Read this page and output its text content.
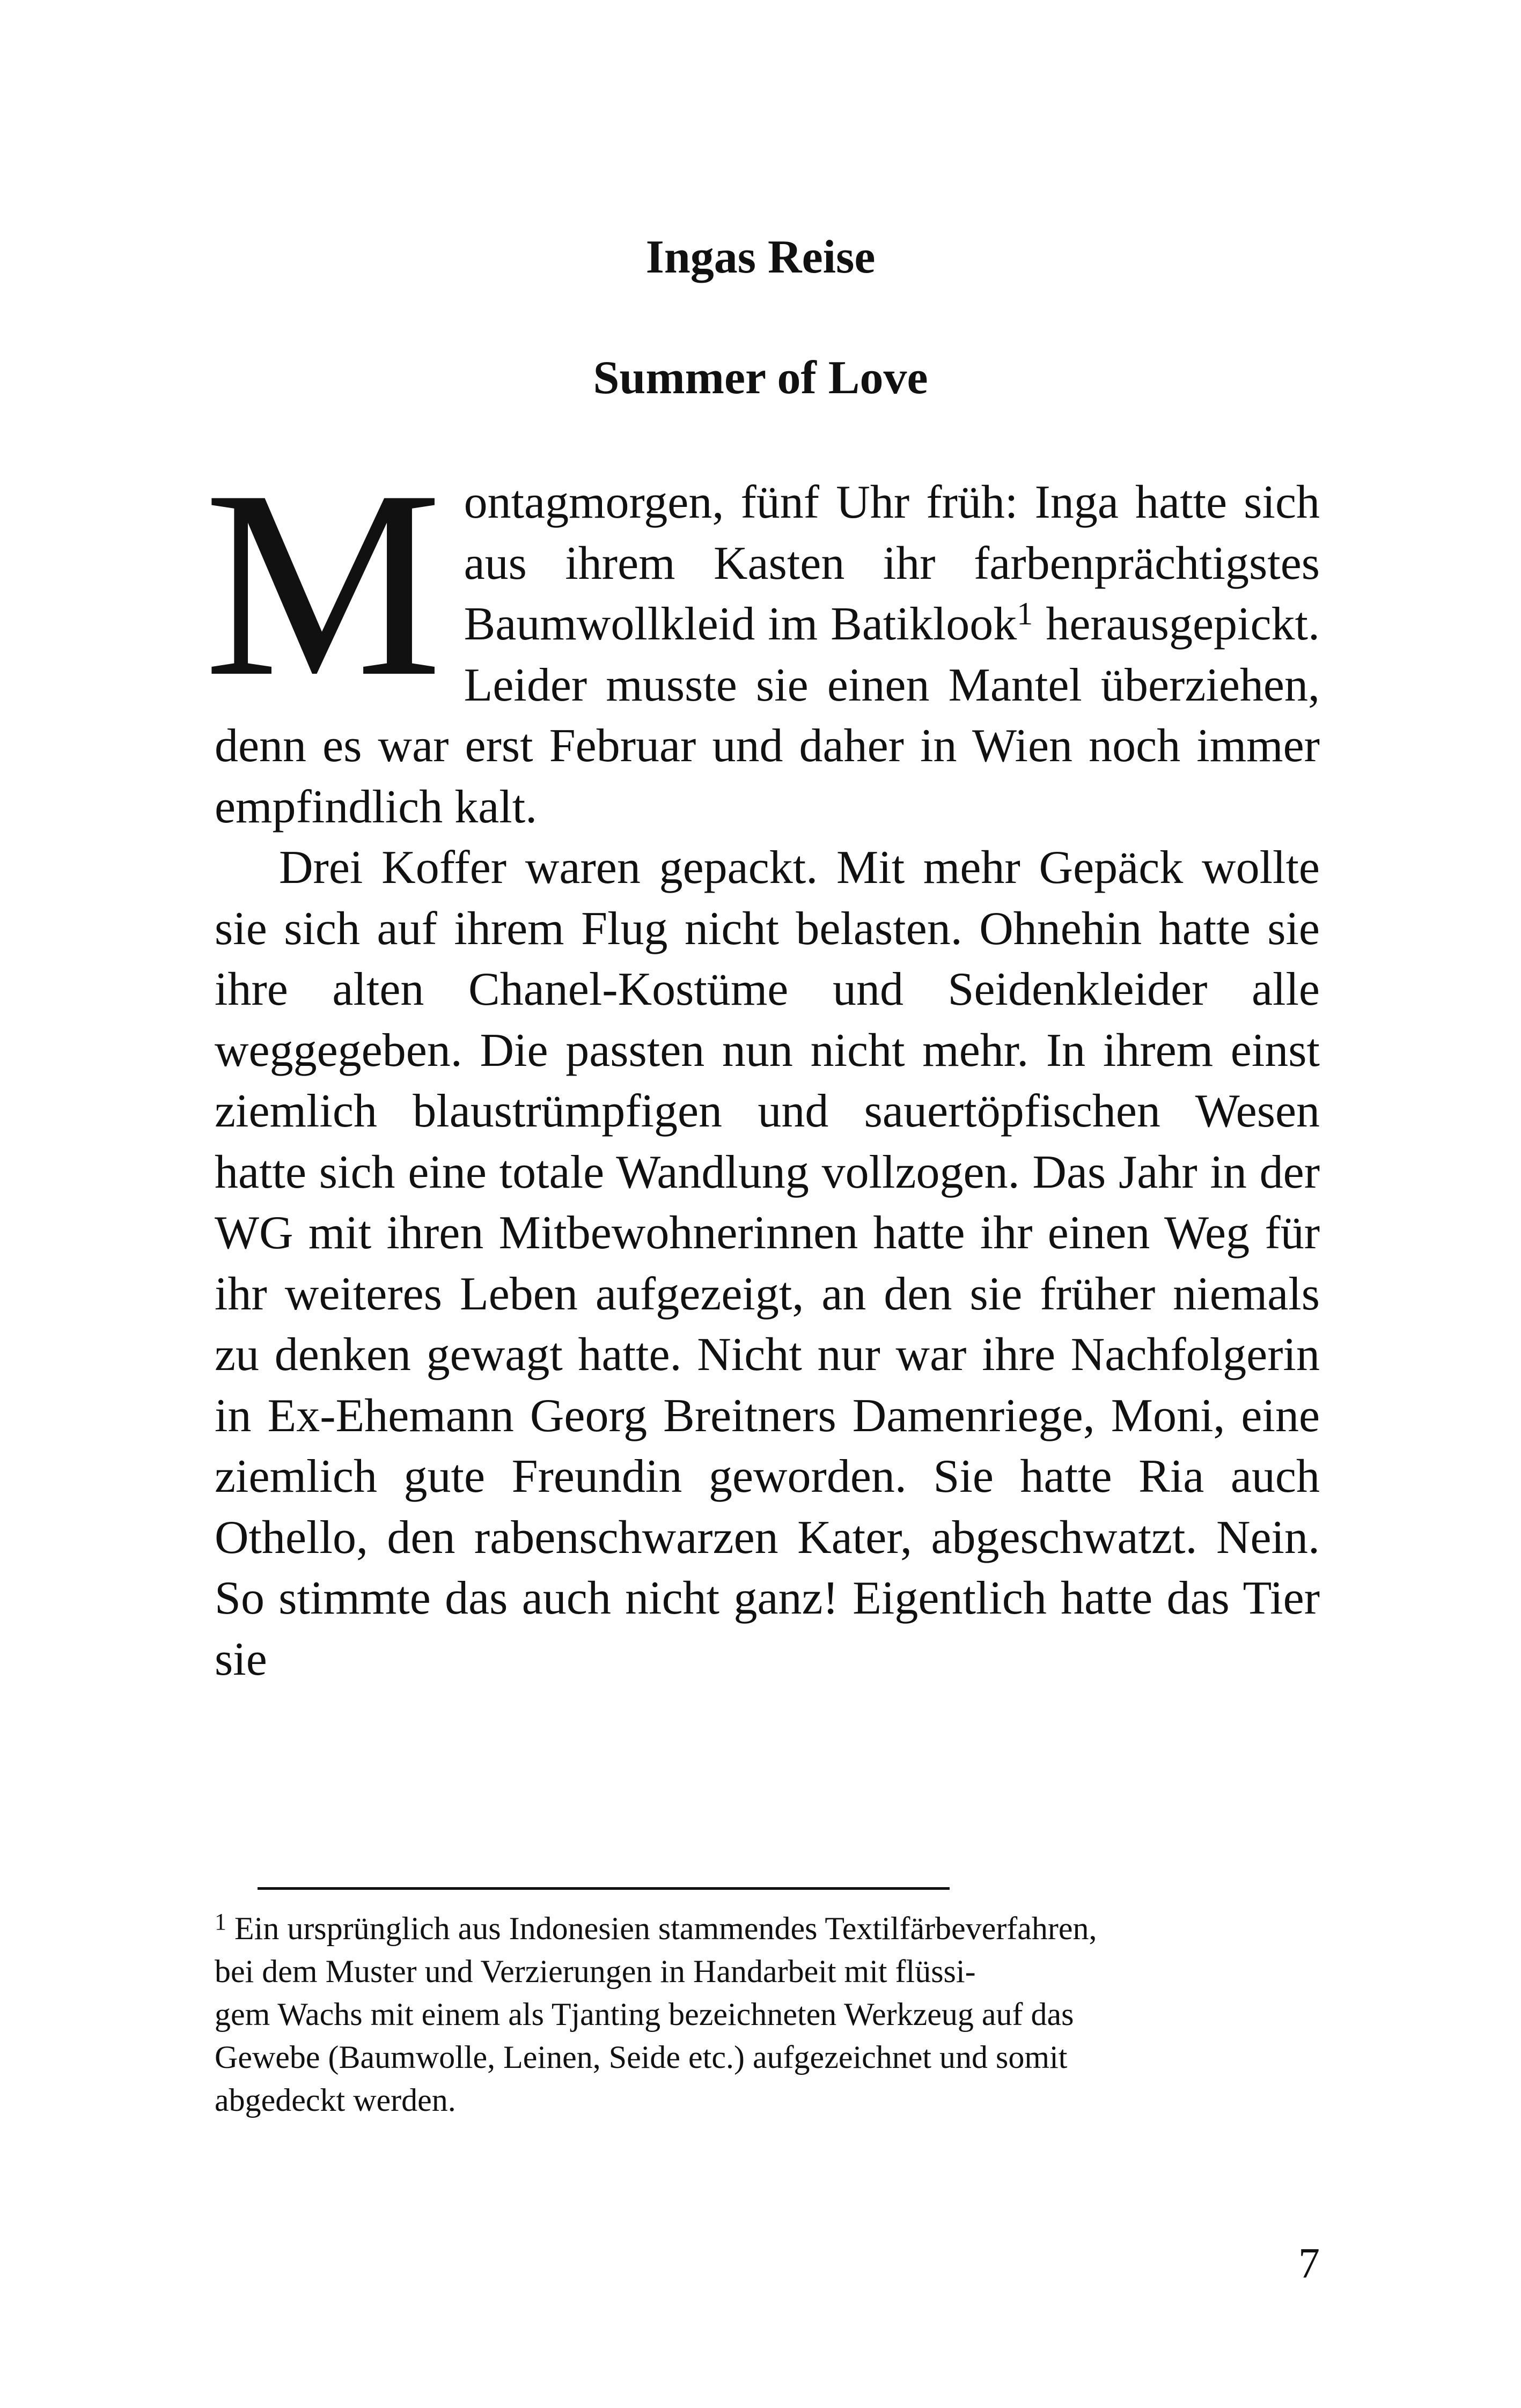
Ingas Reise
Summer of Love

Montagmorgen, fünf Uhr früh: Inga hatte sich aus ihrem Kasten ihr farbenprächtigstes Baumwollkleid im Batiklook$^1$ herausgepickt. Leider musste sie einen Mantel überziehen, denn es war erst Februar und daher in Wien noch immer empfindlich kalt.

Drei Koffer waren gepackt. Mit mehr Gepäck wollte sie sich auf ihrem Flug nicht belasten. Ohnehin hatte sie ihre alten Chanel-Kostüme und Seidenkleider alle weggegeben. Die passten nun nicht mehr. In ihrem einst ziemlich blaustrümpfigen und sauertöpfischen Wesen hatte sich eine totale Wandlung vollzogen. Das Jahr in der WG mit ihren Mitbewohnerinnen hatte ihr einen Weg für ihr weiteres Leben aufgezeigt, an den sie früher niemals zu denken gewagt hatte. Nicht nur war ihre Nachfolgerin in Ex-Ehemann Georg Breitners Damenriege, Moni, eine ziemlich gute Freundin geworden. Sie hatte Ria auch Othello, den rabenschwarzen Kater, abgeschwatzt. Nein. So stimmte das auch nicht ganz! Eigentlich hatte das Tier sie

$^1$ Ein ursprünglich aus Indonesien stammendes Textilfärbeverfahren,
bei dem Muster und Verzierungen in Handarbeit mit flüssi-
gem Wachs mit einem als Tjanting bezeichneten Werkzeug auf das
Gewebe (Baumwolle, Leinen, Seide etc.) aufgezeichnet und somit
abgedeckt werden.

7
